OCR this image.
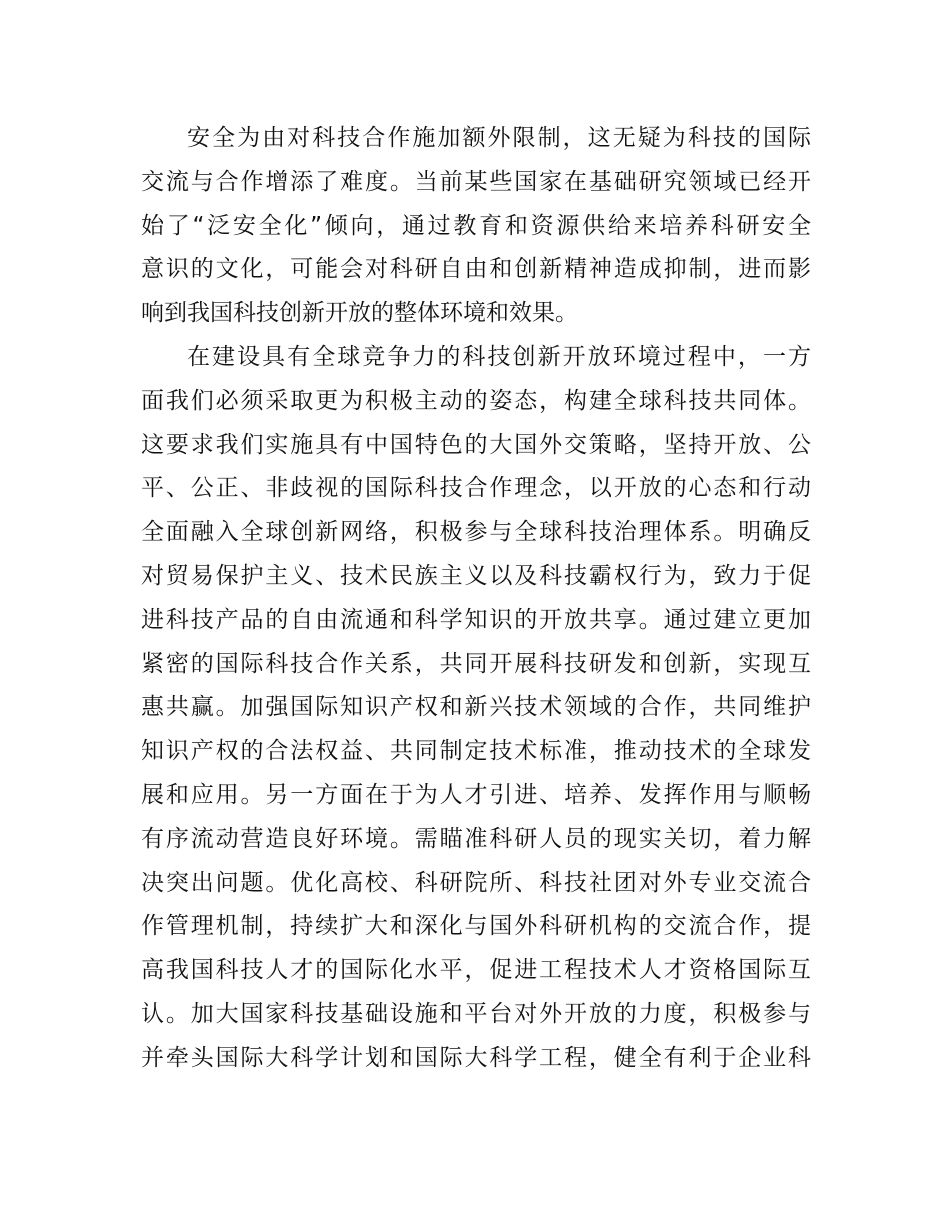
安全为由对科技合作施加额外限制，这无疑为科技的国际
交流与合作增添了难度。当前某些国家在基础研究领域已经开
始了“泛安全化”倾向，通过教育和资源供给来培养科研安全
意识的文化，可能会对科研自由和创新精神造成抑制，进而影
响到我国科技创新开放的整体环境和效果。
在建设具有全球竞争力的科技创新开放环境过程中，一方
面我们必须采取更为积极主动的姿态，构建全球科技共同体。
这要求我们实施具有中国特色的大国外交策略，坚持开放、公
平、公正、非歧视的国际科技合作理念，以开放的心态和行动
全面融入全球创新网络，积极参与全球科技治理体系。明确反
对贸易保护主义、技术民族主义以及科技霸权行为，致力于促
进科技产品的自由流通和科学知识的开放共享。通过建立更加
紧密的国际科技合作关系，共同开展科技研发和创新，实现互
惠共赢。加强国际知识产权和新兴技术领域的合作，共同维护
知识产权的合法权益、共同制定技术标准，推动技术的全球发
展和应用。另一方面在于为人才引进、培养、发挥作用与顺畅
有序流动营造良好环境。需瞄准科研人员的现实关切，着力解
决突出问题。优化高校、科研院所、科技社团对外专业交流合
作管理机制，持续扩大和深化与国外科研机构的交流合作，提
高我国科技人才的国际化水平，促进工程技术人才资格国际互
认。加大国家科技基础设施和平台对外开放的力度，积极参与
并牵头国际大科学计划和国际大科学工程，健全有利于企业科
